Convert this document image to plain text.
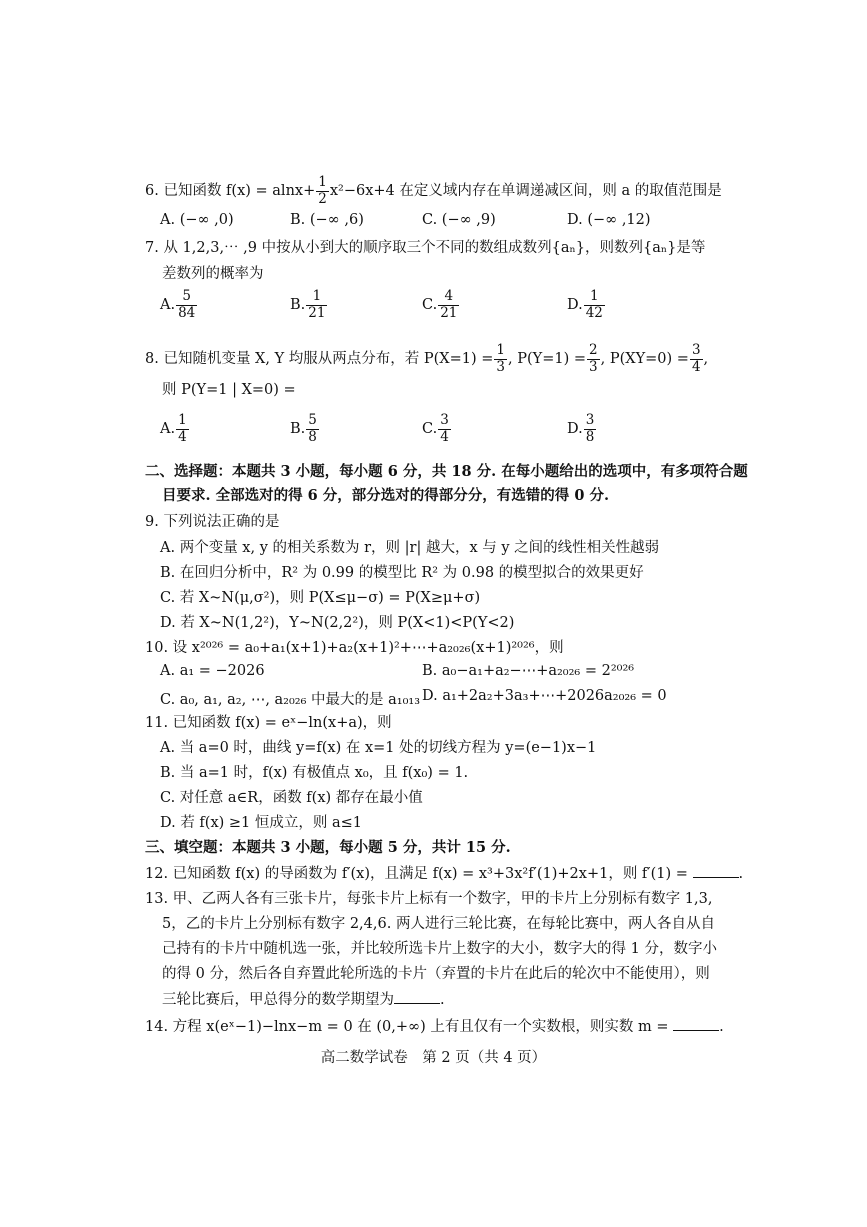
6. 已知函数 $f(x) = alnx+ \frac{1}{2} x^2-6x+4$ 在定义域内存在单调递减区间，则 a 的取值范围是
A. (−∞ ,0)	B. (−∞ ,6)	C. (−∞ ,9)	D. (−∞ ,12)
7. 从 1,2,3,⋯ ,9 中按从小到大的顺序取三个不同的数组成数列{aₙ}，则数列{aₙ}是等
差数列的概率为
A. $\frac{5}{84}$	B. $\frac{1}{21}$	C. $\frac{4}{21}$	D. $\frac{1}{42}$
8. 已知随机变量 X, Y 均服从两点分布，若 $P(X=1) = \frac{1}{3}$ , $P(Y=1) = \frac{2}{3}$ , $P(XY=0) = \frac{3}{4}$ ,
则 P(Y=1 | X=0) =
A. $\frac{1}{4}$	B. $\frac{5}{8}$	C. $\frac{3}{4}$	D. $\frac{3}{8}$
二、选择题：本题共 3 小题，每小题 6 分，共 18 分. 在每小题给出的选项中，有多项符合题
目要求. 全部选对的得 6 分，部分选对的得部分分，有选错的得 0 分.
9. 下列说法正确的是
A. 两个变量 x, y 的相关系数为 r，则 |r| 越大，x 与 y 之间的线性相关性越弱
B. 在回归分析中，R² 为 0.99 的模型比 R² 为 0.98 的模型拟合的效果更好
C. 若 X~N(μ,σ²)，则 P(X≤μ−σ) = P(X≥μ+σ)
D. 若 X~N(1,2²)，Y~N(2,2²)，则 P(X<1)<P(Y<2)
10. 设 x²⁰²⁶ = a₀+a₁(x+1)+a₂(x+1)²+⋯+a₂₀₂₆(x+1)²⁰²⁶，则
A. a₁ = −2026	B. a₀−a₁+a₂−⋯+a₂₀₂₆ = 2²⁰²⁶
C. a₀, a₁, a₂, ⋯, a₂₀₂₆ 中最大的是 a₁₀₁₃ D. a₁+2a₂+3a₃+⋯+2026a₂₀₂₆ = 0
11. 已知函数 f(x) = eˣ−ln(x+a)，则
A. 当 a=0 时，曲线 y=f(x) 在 x=1 处的切线方程为 y=(e−1)x−1
B. 当 a=1 时，f(x) 有极值点 x₀，且 f(x₀) = 1.
C. 对任意 a∈R，函数 f(x) 都存在最小值
D. 若 f(x) ≥1 恒成立，则 a≤1
三、填空题：本题共 3 小题，每小题 5 分，共计 15 分.
12. 已知函数 f(x) 的导函数为 f′(x)，且满足 f(x) = x³+3x²f′(1)+2x+1，则 f′(1) =	.
13. 甲、乙两人各有三张卡片，每张卡片上标有一个数字，甲的卡片上分别标有数字 1,3,
5，乙的卡片上分别标有数字 2,4,6. 两人进行三轮比赛，在每轮比赛中，两人各自从自
己持有的卡片中随机选一张，并比较所选卡片上数字的大小，数字大的得 1 分，数字小
的得 0 分，然后各自弃置此轮所选的卡片（弃置的卡片在此后的轮次中不能使用），则
三轮比赛后，甲总得分的数学期望为	.
14. 方程 x(eˣ−1)−lnx−m = 0 在 (0,+∞) 上有且仅有一个实数根，则实数 m =	.
高二数学试卷　第 2 页（共 4 页）
